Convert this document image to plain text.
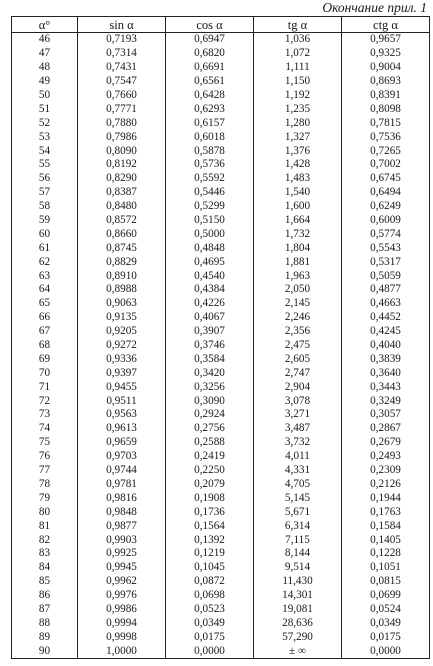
Окончание прил. 1
α°	sin α	cos α	tg α	ctg α
46	0,7193	0,6947	1,036	0,9657
47	0,7314	0,6820	1,072	0,9325
48	0,7431	0,6691	1,111	0,9004
49	0,7547	0,6561	1,150	0,8693
50	0,7660	0,6428	1,192	0,8391
51	0,7771	0,6293	1,235	0,8098
52	0,7880	0,6157	1,280	0,7815
53	0,7986	0,6018	1,327	0,7536
54	0,8090	0,5878	1,376	0,7265
55	0,8192	0,5736	1,428	0,7002
56	0,8290	0,5592	1,483	0,6745
57	0,8387	0,5446	1,540	0,6494
58	0,8480	0,5299	1,600	0,6249
59	0,8572	0,5150	1,664	0,6009
60	0,8660	0,5000	1,732	0,5774
61	0,8745	0,4848	1,804	0,5543
62	0,8829	0,4695	1,881	0,5317
63	0,8910	0,4540	1,963	0,5059
64	0,8988	0,4384	2,050	0,4877
65	0,9063	0,4226	2,145	0,4663
66	0,9135	0,4067	2,246	0,4452
67	0,9205	0,3907	2,356	0,4245
68	0,9272	0,3746	2,475	0,4040
69	0,9336	0,3584	2,605	0,3839
70	0,9397	0,3420	2,747	0,3640
71	0,9455	0,3256	2,904	0,3443
72	0,9511	0,3090	3,078	0,3249
73	0,9563	0,2924	3,271	0,3057
74	0,9613	0,2756	3,487	0,2867
75	0,9659	0,2588	3,732	0,2679
76	0,9703	0,2419	4,011	0,2493
77	0,9744	0,2250	4,331	0,2309
78	0,9781	0,2079	4,705	0,2126
79	0,9816	0,1908	5,145	0,1944
80	0,9848	0,1736	5,671	0,1763
81	0,9877	0,1564	6,314	0,1584
82	0,9903	0,1392	7,115	0,1405
83	0,9925	0,1219	8,144	0,1228
84	0,9945	0,1045	9,514	0,1051
85	0,9962	0,0872	11,430	0,0815
86	0,9976	0,0698	14,301	0,0699
87	0,9986	0,0523	19,081	0,0524
88	0,9994	0,0349	28,636	0,0349
89	0,9998	0,0175	57,290	0,0175
90	1,0000	0,0000	± ∞	0,0000
